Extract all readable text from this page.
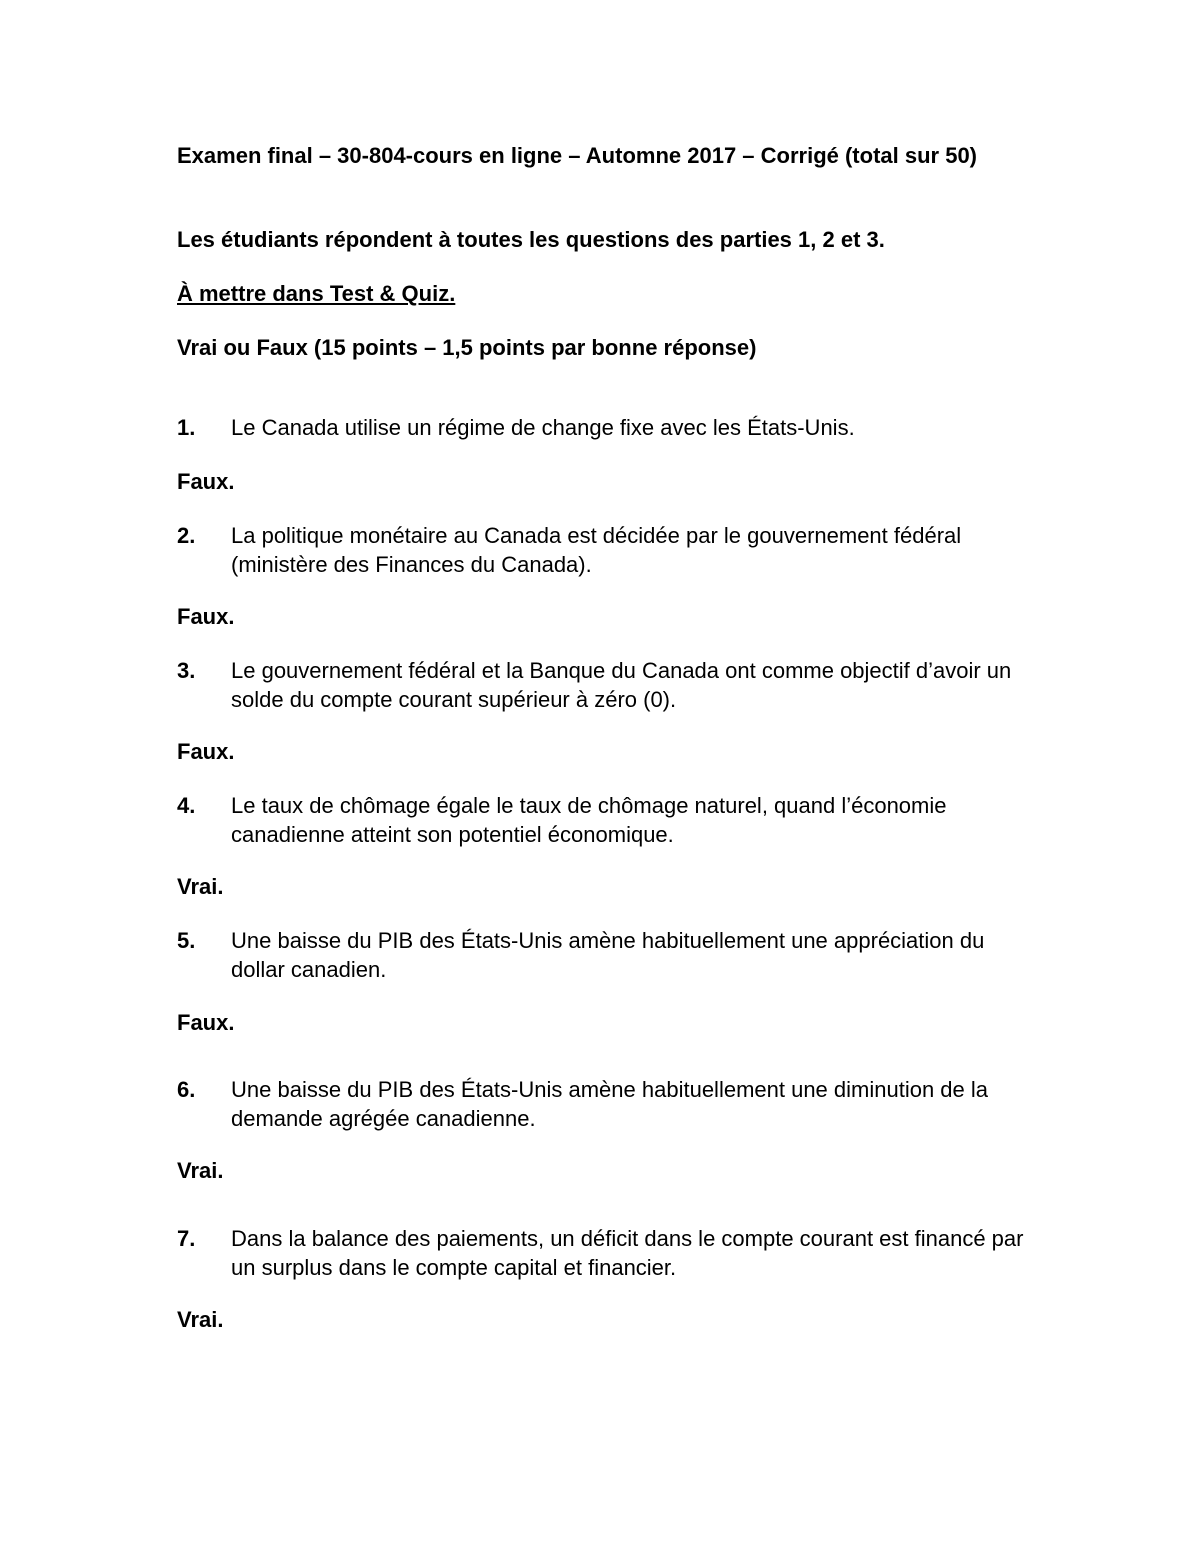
Examen final – 30-804-cours en ligne – Automne 2017 – Corrigé (total sur 50)

Les étudiants répondent à toutes les questions des parties 1, 2 et 3.

À mettre dans Test & Quiz.

Vrai ou Faux (15 points – 1,5 points par bonne réponse)

1. Le Canada utilise un régime de change fixe avec les États-Unis.

Faux.

2. La politique monétaire au Canada est décidée par le gouvernement fédéral (ministère des Finances du Canada).

Faux.

3. Le gouvernement fédéral et la Banque du Canada ont comme objectif d’avoir un solde du compte courant supérieur à zéro (0).

Faux.

4. Le taux de chômage égale le taux de chômage naturel, quand l’économie canadienne atteint son potentiel économique.

Vrai.

5. Une baisse du PIB des États-Unis amène habituellement une appréciation du dollar canadien.

Faux.

6. Une baisse du PIB des États-Unis amène habituellement une diminution de la demande agrégée canadienne.

Vrai.

7. Dans la balance des paiements, un déficit dans le compte courant est financé par un surplus dans le compte capital et financier.

Vrai.
